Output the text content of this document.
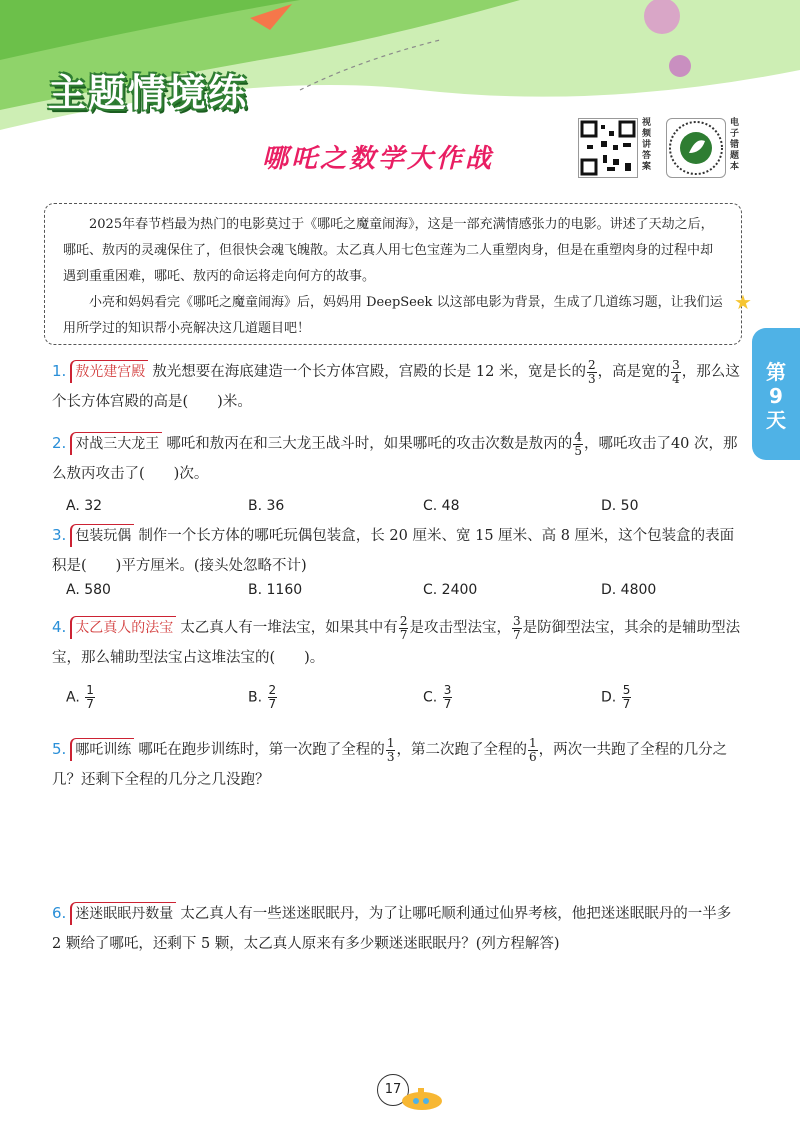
主题情境练
哪吒之数学大作战
视频讲答案
电子错题本

2025年春节档最为热门的电影莫过于《哪吒之魔童闹海》，这是一部充满情感张力的电影。讲述了天劫之后，哪吒、敖丙的灵魂保住了，但很快会魂飞魄散。太乙真人用七色宝莲为二人重塑肉身，但是在重塑肉身的过程中却遇到重重困难，哪吒、敖丙的命运将走向何方的故事。

小亮和妈妈看完《哪吒之魔童闹海》后，妈妈用 DeepSeek 以这部电影为背景，生成了几道练习题，让我们运用所学过的知识帮小亮解决这几道题目吧！

★
第9天
1. 敖光建宫殿 敖光想要在海底建造一个长方体宫殿，宫殿的长是 12 米，宽是长的 $\frac{2}{3}$ ，高是宽的 $\frac{3}{4}$ ，那么这个长方体宫殿的高是(　　)米。
2. 对战三大龙王 哪吒和敖丙在和三大龙王战斗时，如果哪吒的攻击次数是敖丙的 $\frac{4}{5}$ ，哪吒攻击了40 次，那么敖丙攻击了(　　)次。
A. 32	B. 36	C. 48	D. 50
3. 包装玩偶 制作一个长方体的哪吒玩偶包装盒，长 20 厘米、宽 15 厘米、高 8 厘米，这个包装盒的表面积是(　　)平方厘米。(接头处忽略不计)
A. 580	B. 1160	C. 2400	D. 4800
4. 太乙真人的法宝 太乙真人有一堆法宝，如果其中有 $\frac{2}{7}$ 是攻击型法宝， $\frac{3}{7}$ 是防御型法宝，其余的是辅助型法宝，那么辅助型法宝占这堆法宝的(　　)。
A. $\frac{1}{7}$	B. $\frac{2}{7}$	C. $\frac{3}{7}$	D. $\frac{5}{7}$
5. 哪吒训练 哪吒在跑步训练时，第一次跑了全程的 $\frac{1}{3}$ ，第二次跑了全程的 $\frac{1}{6}$ ，两次一共跑了全程的几分之几？还剩下全程的几分之几没跑？
6. 迷迷眠眠丹数量 太乙真人有一些迷迷眠眠丹，为了让哪吒顺利通过仙界考核，他把迷迷眠眠丹的一半多 2 颗给了哪吒，还剩下 5 颗，太乙真人原来有多少颗迷迷眠眠丹？(列方程解答)
17
